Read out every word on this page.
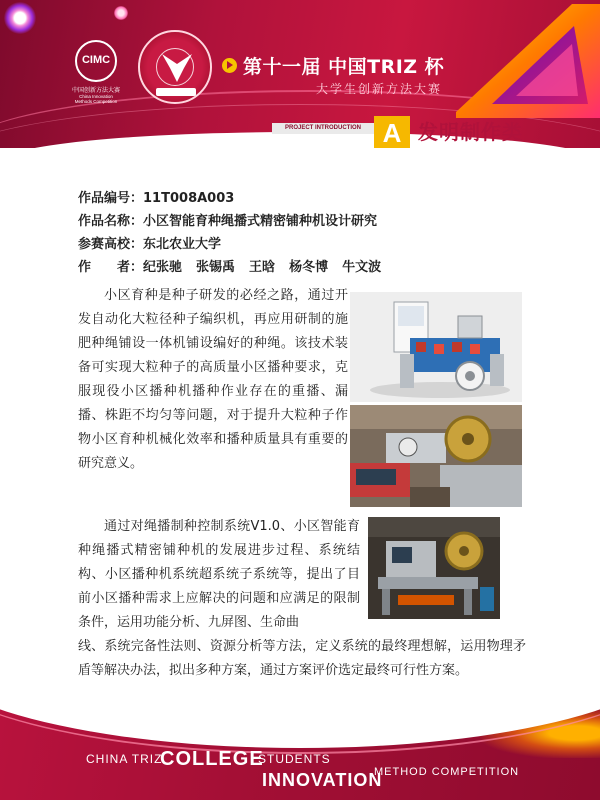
CIMC
中国创新方法大赛
China Innovation
Methods Competition
第十一届 中国TRIZ 杯
大学生创新方法大赛
PROJECT INTRODUCTION A 发明制作类
作品编号：11T008A003
作品名称：小区智能育种绳播式精密铺种机设计研究
参赛高校：东北农业大学
作　　者：纪张驰 张锡禹 王晗 杨冬博 牛文波

小区育种是种子研发的必经之路，通过开发自动化大粒径种子编织机，再应用研制的施肥种绳铺设一体机铺设编好的种绳。该技术装备可实现大粒种子的高质量小区播种要求，克服现役小区播种机播种作业存在的重播、漏播、株距不均匀等问题，对于提升大粒种子作物小区育种机械化效率和播种质量具有重要的研究意义。

通过对绳播制种控制系统V1.0、小区智能育种绳播式精密铺种机的发展进步过程、系统结构、小区播种机系统超系统子系统等，提出了目前小区播种需求上应解决的问题和应满足的限制条件，运用功能分析、九屏图、生命曲

线、系统完备性法则、资源分析等方法，定义系统的最终理想解，运用物理矛盾等解决办法，拟出多种方案，通过方案评价选定最终可行性方案。

CHINA TRIZ
COLLEGE
STUDENTS
INNOVATION
METHOD COMPETITION
